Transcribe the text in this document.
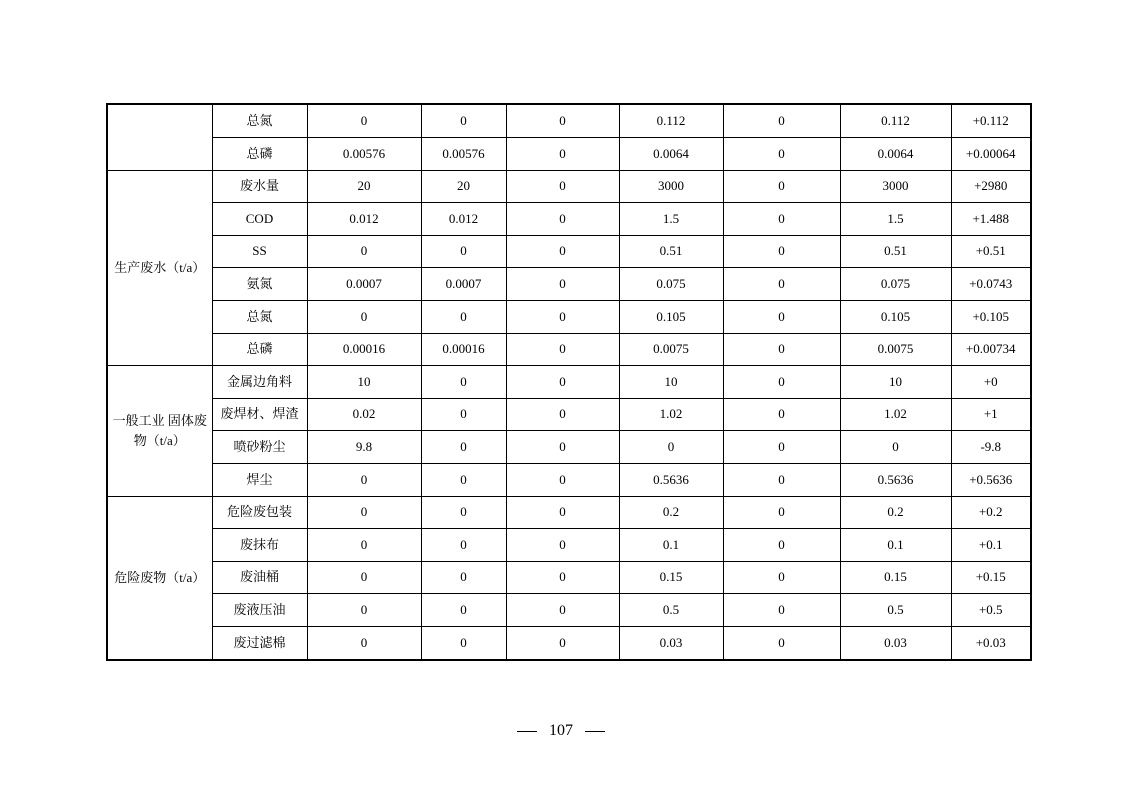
	总氮	0	0	0	0.112	0	0.112	+0.112
	总磷	0.00576	0.00576	0	0.0064	0	0.0064	+0.00064
生产废水（t/a）	废水量	20	20	0	3000	0	3000	+2980
	COD	0.012	0.012	0	1.5	0	1.5	+1.488
	SS	0	0	0	0.51	0	0.51	+0.51
	氨氮	0.0007	0.0007	0	0.075	0	0.075	+0.0743
	总氮	0	0	0	0.105	0	0.105	+0.105
	总磷	0.00016	0.00016	0	0.0075	0	0.0075	+0.00734
一般工业 固体废物（t/a）	金属边角料	10	0	0	10	0	10	+0
	废焊材、焊渣	0.02	0	0	1.02	0	1.02	+1
	喷砂粉尘	9.8	0	0	0	0	0	-9.8
	焊尘	0	0	0	0.5636	0	0.5636	+0.5636
危险废物（t/a）	危险废包装	0	0	0	0.2	0	0.2	+0.2
	废抹布	0	0	0	0.1	0	0.1	+0.1
	废油桶	0	0	0	0.15	0	0.15	+0.15
	废液压油	0	0	0	0.5	0	0.5	+0.5
	废过滤棉	0	0	0	0.03	0	0.03	+0.03
107
